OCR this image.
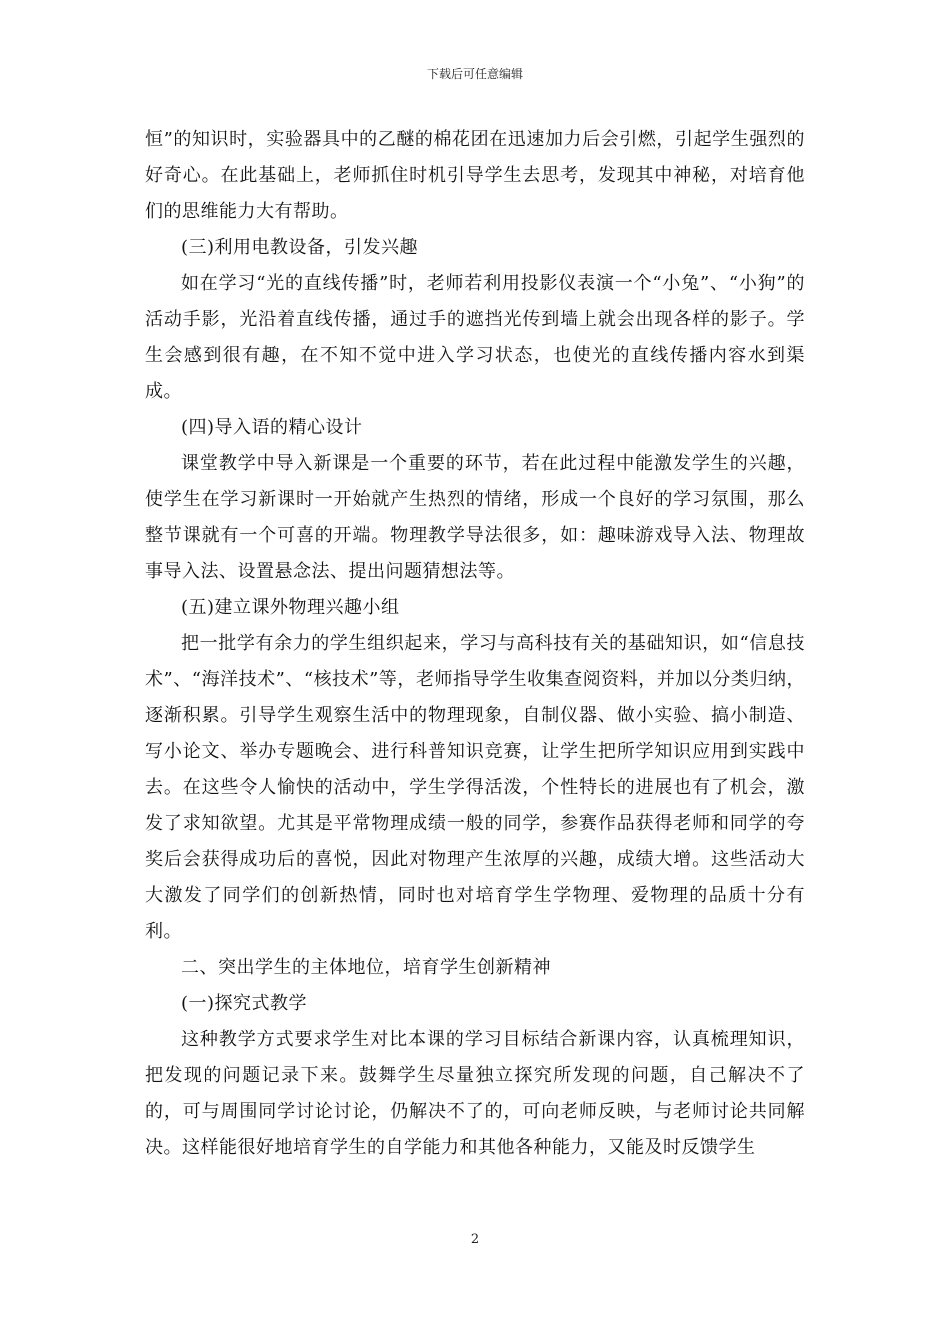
下载后可任意编辑

恒”的知识时，实验器具中的乙醚的棉花团在迅速加力后会引燃，引起学生强烈的好奇心。在此基础上，老师抓住时机引导学生去思考，发现其中神秘，对培育他们的思维能力大有帮助。

(三)利用电教设备，引发兴趣

如在学习“光的直线传播”时，老师若利用投影仪表演一个“小兔”、“小狗”的活动手影，光沿着直线传播，通过手的遮挡光传到墙上就会出现各样的影子。学生会感到很有趣，在不知不觉中进入学习状态，也使光的直线传播内容水到渠成。

(四)导入语的精心设计

课堂教学中导入新课是一个重要的环节，若在此过程中能激发学生的兴趣，使学生在学习新课时一开始就产生热烈的情绪，形成一个良好的学习氛围，那么整节课就有一个可喜的开端。物理教学导法很多，如：趣味游戏导入法、物理故事导入法、设置悬念法、提出问题猜想法等。

(五)建立课外物理兴趣小组

把一批学有余力的学生组织起来，学习与高科技有关的基础知识，如“信息技术”、“海洋技术”、“核技术”等，老师指导学生收集查阅资料，并加以分类归纳，逐渐积累。引导学生观察生活中的物理现象，自制仪器、做小实验、搞小制造、写小论文、举办专题晚会、进行科普知识竞赛，让学生把所学知识应用到实践中去。在这些令人愉快的活动中，学生学得活泼，个性特长的进展也有了机会，激发了求知欲望。尤其是平常物理成绩一般的同学，参赛作品获得老师和同学的夸奖后会获得成功后的喜悦，因此对物理产生浓厚的兴趣，成绩大增。这些活动大大激发了同学们的创新热情，同时也对培育学生学物理、爱物理的品质十分有利。

二、突出学生的主体地位，培育学生创新精神

(一)探究式教学

这种教学方式要求学生对比本课的学习目标结合新课内容，认真梳理知识，把发现的问题记录下来。鼓舞学生尽量独立探究所发现的问题，自己解决不了的，可与周围同学讨论讨论，仍解决不了的，可向老师反映，与老师讨论共同解决。这样能很好地培育学生的自学能力和其他各种能力，又能及时反馈学生

2
